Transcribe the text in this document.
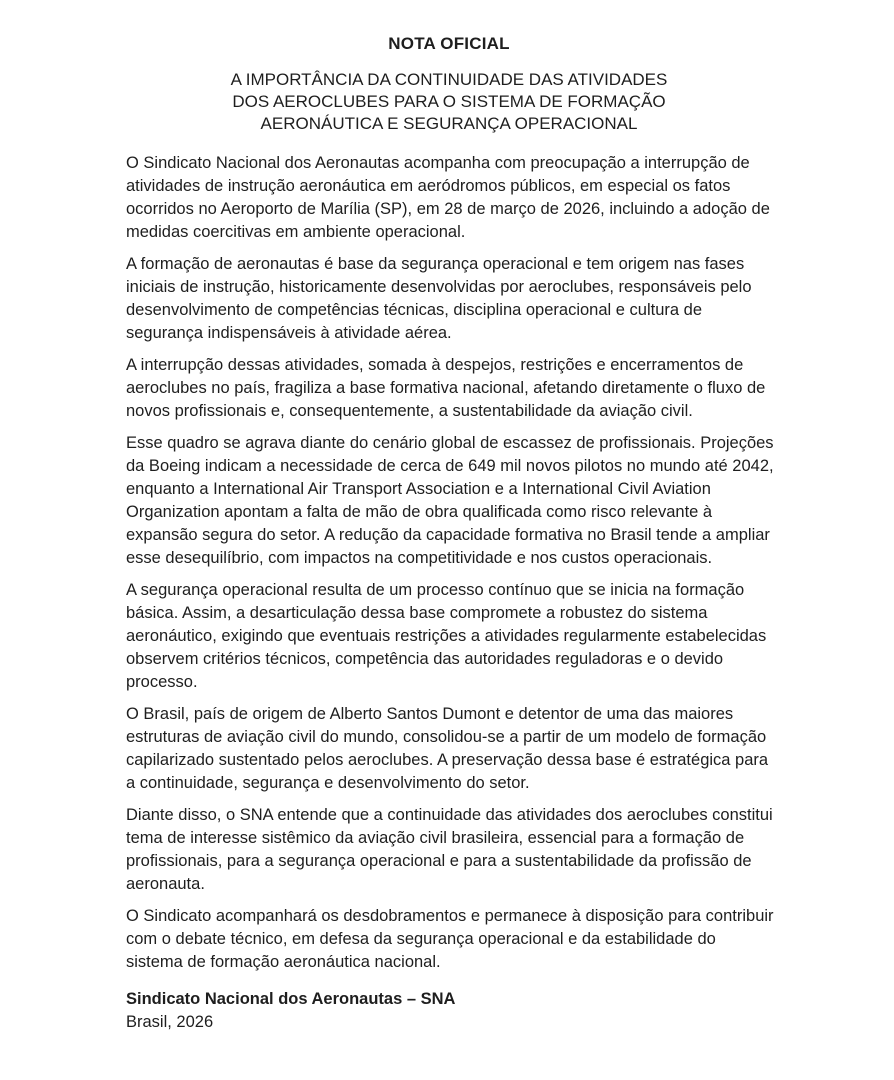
NOTA OFICIAL
A IMPORTÂNCIA DA CONTINUIDADE DAS ATIVIDADES
DOS AEROCLUBES PARA O SISTEMA DE FORMAÇÃO
AERONÁUTICA E SEGURANÇA OPERACIONAL

O Sindicato Nacional dos Aeronautas acompanha com preocupação a interrupção de atividades de instrução aeronáutica em aeródromos públicos, em especial os fatos ocorridos no Aeroporto de Marília (SP), em 28 de março de 2026, incluindo a adoção de medidas coercitivas em ambiente operacional.

A formação de aeronautas é base da segurança operacional e tem origem nas fases iniciais de instrução, historicamente desenvolvidas por aeroclubes, responsáveis pelo desenvolvimento de competências técnicas, disciplina operacional e cultura de segurança indispensáveis à atividade aérea.

A interrupção dessas atividades, somada à despejos, restrições e encerramentos de aeroclubes no país, fragiliza a base formativa nacional, afetando diretamente o fluxo de novos profissionais e, consequentemente, a sustentabilidade da aviação civil.

Esse quadro se agrava diante do cenário global de escassez de profissionais. Projeções da Boeing indicam a necessidade de cerca de 649 mil novos pilotos no mundo até 2042, enquanto a International Air Transport Association e a International Civil Aviation Organization apontam a falta de mão de obra qualificada como risco relevante à expansão segura do setor. A redução da capacidade formativa no Brasil tende a ampliar esse desequilíbrio, com impactos na competitividade e nos custos operacionais.

A segurança operacional resulta de um processo contínuo que se inicia na formação básica. Assim, a desarticulação dessa base compromete a robustez do sistema aeronáutico, exigindo que eventuais restrições a atividades regularmente estabelecidas observem critérios técnicos, competência das autoridades reguladoras e o devido processo.

O Brasil, país de origem de Alberto Santos Dumont e detentor de uma das maiores estruturas de aviação civil do mundo, consolidou-se a partir de um modelo de formação capilarizado sustentado pelos aeroclubes. A preservação dessa base é estratégica para a continuidade, segurança e desenvolvimento do setor.

Diante disso, o SNA entende que a continuidade das atividades dos aeroclubes constitui tema de interesse sistêmico da aviação civil brasileira, essencial para a formação de profissionais, para a segurança operacional e para a sustentabilidade da profissão de aeronauta.

O Sindicato acompanhará os desdobramentos e permanece à disposição para contribuir com o debate técnico, em defesa da segurança operacional e da estabilidade do sistema de formação aeronáutica nacional.

Sindicato Nacional dos Aeronautas – SNA

Brasil, 2026
